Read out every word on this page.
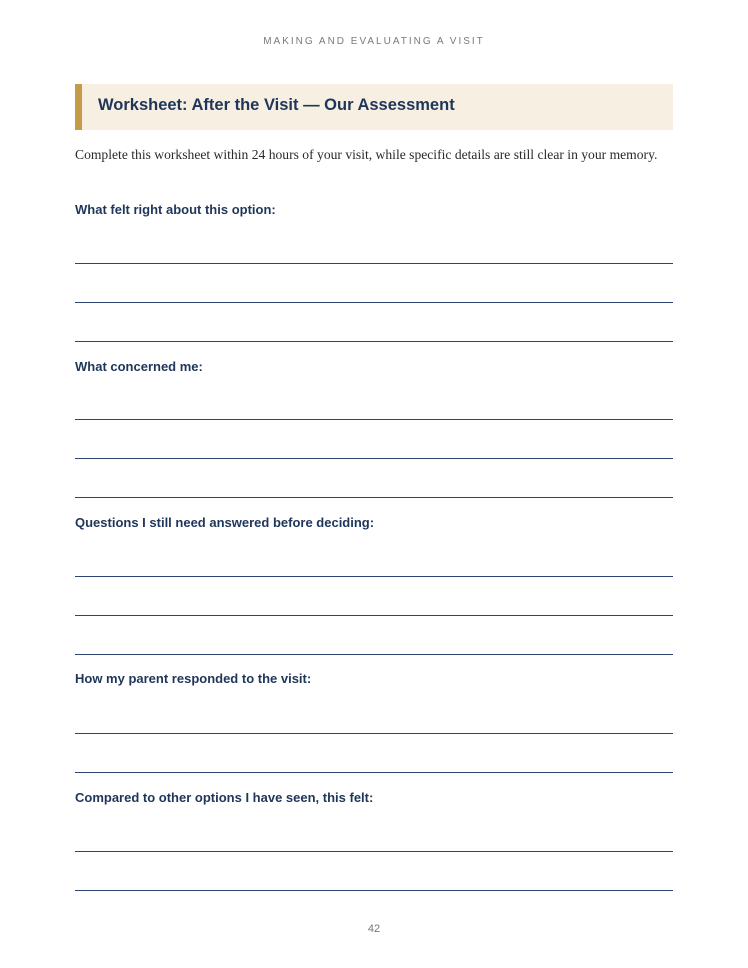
MAKING AND EVALUATING A VISIT
Worksheet: After the Visit — Our Assessment
Complete this worksheet within 24 hours of your visit, while specific details are still clear in your memory.
What felt right about this option:
What concerned me:
Questions I still need answered before deciding:
How my parent responded to the visit:
Compared to other options I have seen, this felt:
42
